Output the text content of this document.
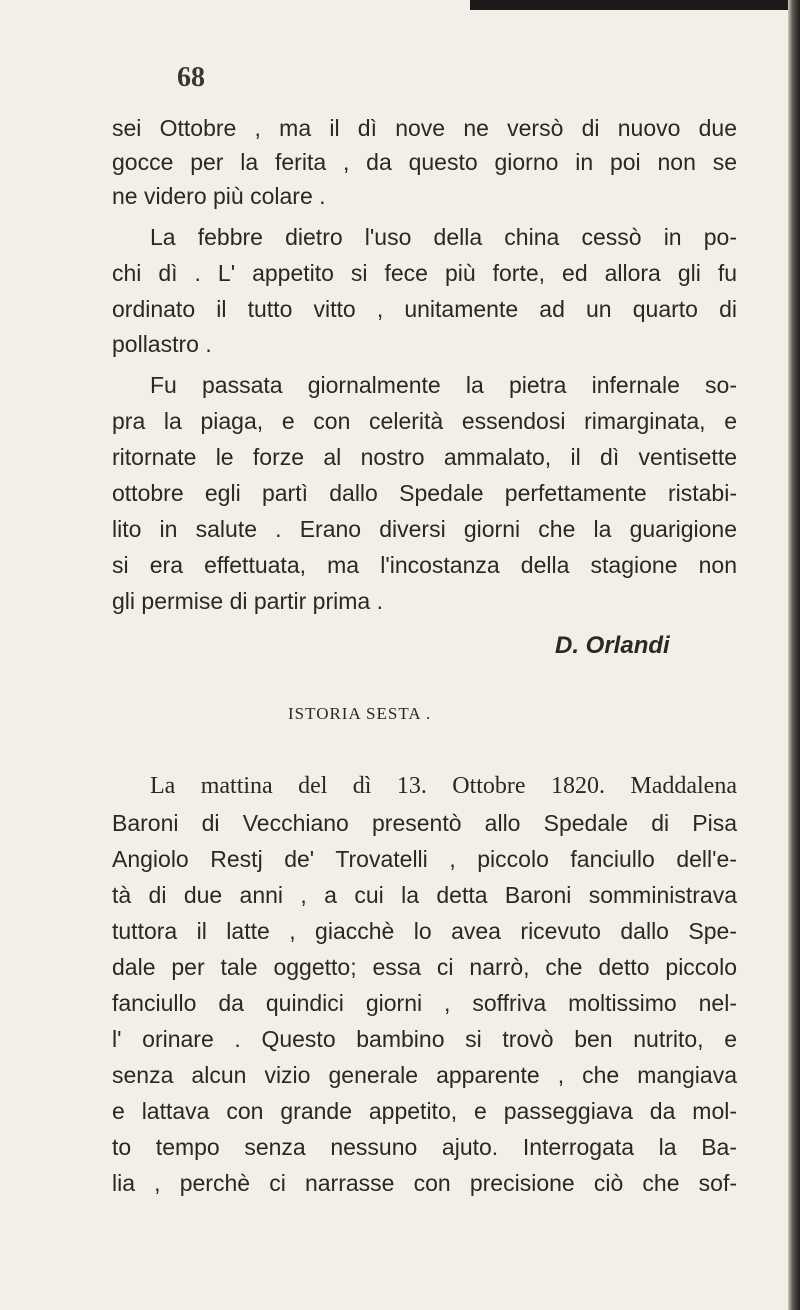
68
sei Ottobre , ma il dì nove ne versò di nuovo due
gocce per la ferita , da questo giorno in poi non se
ne videro più colare .
La febbre dietro l'uso della china cessò in po-
chi dì . L' appetito si fece più forte, ed allora gli fu
ordinato il tutto vitto , unitamente ad un quarto di
pollastro .
Fu passata giornalmente la pietra infernale so-
pra la piaga, e con celerità essendosi rimarginata, e
ritornate le forze al nostro ammalato, il dì ventisette
ottobre egli partì dallo Spedale perfettamente ristabi-
lito in salute . Erano diversi giorni che la guarigione
si era effettuata, ma l'incostanza della stagione non
gli permise di partir prima .
D. Orlandi
ISTORIA SESTA .
La mattina del dì 13. Ottobre 1820. Maddalena
Baroni di Vecchiano presentò allo Spedale di Pisa
Angiolo Restj de' Trovatelli , piccolo fanciullo dell'e-
tà di due anni , a cui la detta Baroni somministrava
tuttora il latte , giacchè lo avea ricevuto dallo Spe-
dale per tale oggetto; essa ci narrò, che detto piccolo
fanciullo da quindici giorni , soffriva moltissimo nel-
l' orinare . Questo bambino si trovò ben nutrito, e
senza alcun vizio generale apparente , che mangiava
e lattava con grande appetito, e passeggiava da mol-
to tempo senza nessuno ajuto. Interrogata la Ba-
lia , perchè ci narrasse con precisione ciò che sof-
